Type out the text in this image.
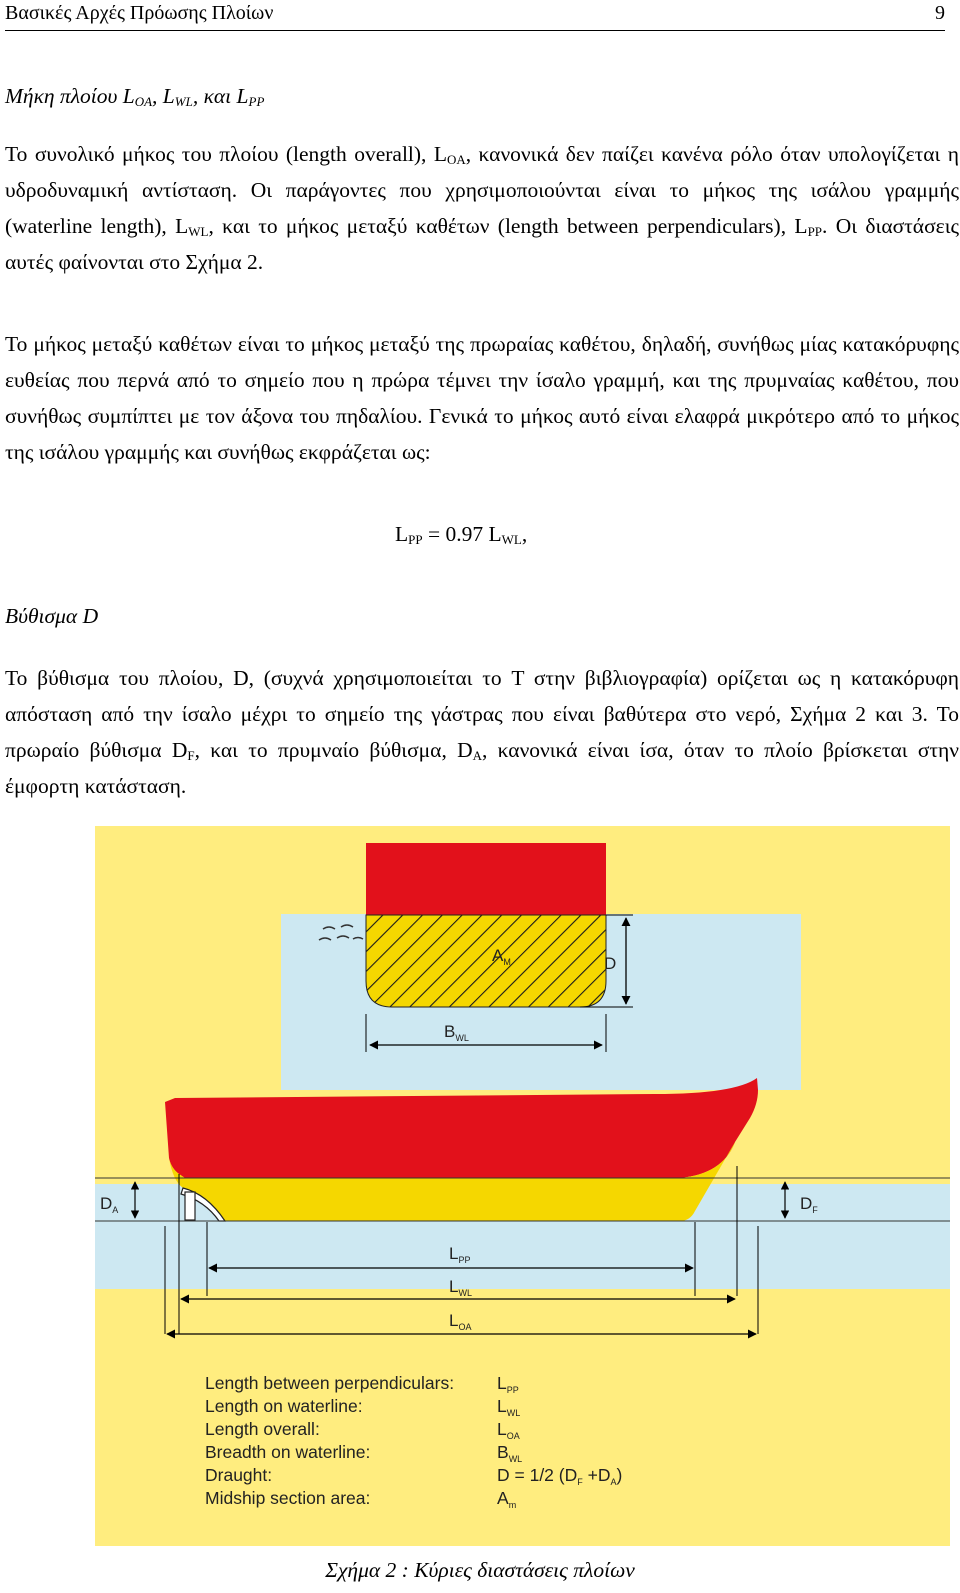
Βασικές Αρχές Πρόωσης Πλοίων	9
Μήκη πλοίου $L_{OA}$, $L_{WL}$, και $L_{PP}$
Το συνολικό μήκος του πλοίου (length overall), $L_{OA}$, κανονικά δεν παίζει κανένα ρόλο όταν υπολογίζεται η υδροδυναμική αντίσταση. Οι παράγοντες που χρησιμοποιούνται είναι το μήκος της ισάλου γραμμής (waterline length), $L_{WL}$, και το μήκος μεταξύ καθέτων (length between perpendiculars), $L_{PP}$. Οι διαστάσεις αυτές φαίνονται στο Σχήμα 2.
Το μήκος μεταξύ καθέτων είναι το μήκος μεταξύ της πρωραίας καθέτου, δηλαδή, συνήθως μίας κατακόρυφης ευθείας που περνά από το σημείο που η πρώρα τέμνει την ίσαλο γραμμή, και της πρυμναίας καθέτου, που συνήθως συμπίπτει με τον άξονα του πηδαλίου. Γενικά το μήκος αυτό είναι ελαφρά μικρότερο από το μήκος της ισάλου γραμμής και συνήθως εκφράζεται ως:
$L_{PP} = 0.97$ $L_{WL}$,
Βύθισμα D
Το βύθισμα του πλοίου, D, (συχνά χρησιμοποιείται το T στην βιβλιογραφία) ορίζεται ως η κατακόρυφη απόσταση από την ίσαλο μέχρι το σημείο της γάστρας που είναι βαθύτερα στο νερό, Σχήμα 2 και 3. Το πρωραίο βύθισμα $D_F$, και το πρυμναίο βύθισμα, $D_A$, κανονικά είναι ίσα, όταν το πλοίο βρίσκεται στην έμφορτη κατάσταση.
$A_M$	D
$B_{WL}$
$D_A$	$D_F$
$L_{PP}$
$L_{WL}$
$L_{OA}$
Length between perpendiculars: $L_{PP}$
Length on waterline:	$L_{WL}$
Length overall:	$L_{OA}$
Breadth on waterline:	$B_{WL}$
Draught:	D = 1/2 $(D_F +D_A)$
Midship section area:	$A_m$
Σχήμα 2 : Κύριες διαστάσεις πλοίων
